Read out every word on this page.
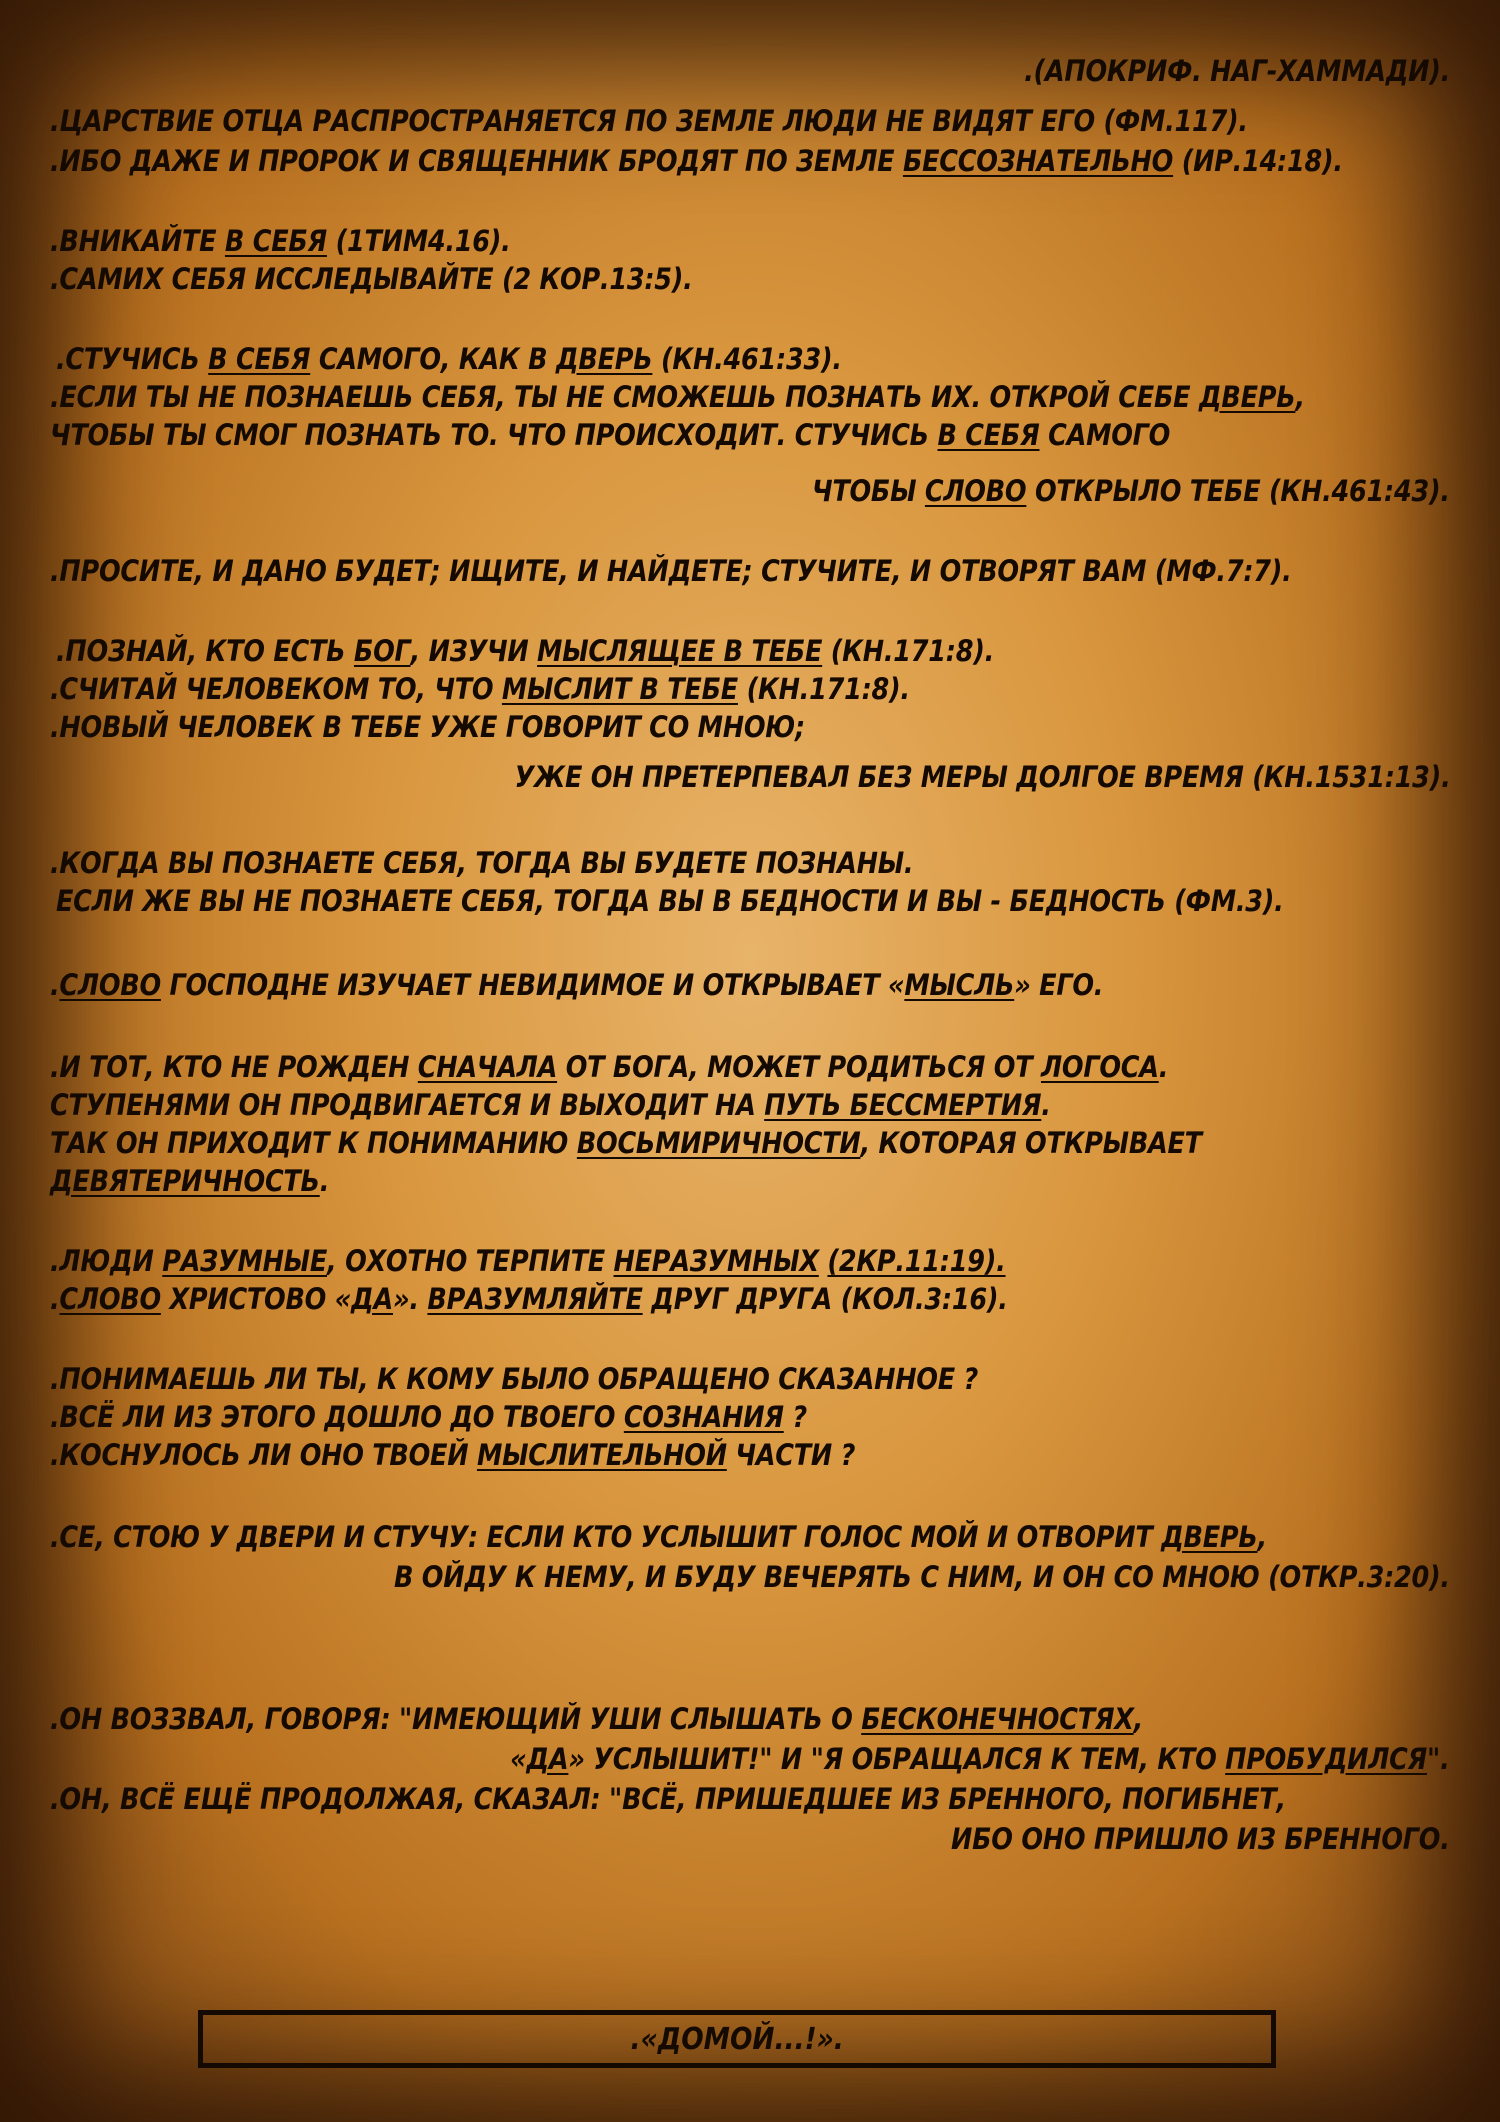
.(АПОКРИФ. НАГ-ХАММАДИ).

.ЦАРСТВИЕ ОТЦА РАСПРОСТРАНЯЕТСЯ ПО ЗЕМЛЕ ЛЮДИ НЕ ВИДЯТ ЕГО (ФМ.117).

.ИБО ДАЖЕ И ПРОРОК И СВЯЩЕННИК БРОДЯТ ПО ЗЕМЛЕ БЕССОЗНАТЕЛЬНО (ИР.14:18).

.ВНИКАЙТЕ В СЕБЯ (1ТИМ4.16).

.САМИХ СЕБЯ ИССЛЕДЫВАЙТЕ (2 КОР.13:5).

.СТУЧИСЬ В СЕБЯ САМОГО, КАК В ДВЕРЬ (КН.461:33).

.ЕСЛИ ТЫ НЕ ПОЗНАЕШЬ СЕБЯ, ТЫ НЕ СМОЖЕШЬ ПОЗНАТЬ ИХ. ОТКРОЙ СЕБЕ ДВЕРЬ,

ЧТОБЫ ТЫ СМОГ ПОЗНАТЬ ТО. ЧТО ПРОИСХОДИТ. СТУЧИСЬ В СЕБЯ САМОГО

ЧТОБЫ СЛОВО ОТКРЫЛО ТЕБЕ (КН.461:43).

.ПРОСИТЕ, И ДАНО БУДЕТ; ИЩИТЕ, И НАЙДЕТЕ; СТУЧИТЕ, И ОТВОРЯТ ВАМ (МФ.7:7).

.ПОЗНАЙ, КТО ЕСТЬ БОГ, ИЗУЧИ МЫСЛЯЩЕЕ В ТЕБЕ (КН.171:8).

.СЧИТАЙ ЧЕЛОВЕКОМ ТО, ЧТО МЫСЛИТ В ТЕБЕ (КН.171:8).

.НОВЫЙ ЧЕЛОВЕК В ТЕБЕ УЖЕ ГОВОРИТ СО МНОЮ;

УЖЕ ОН ПРЕТЕРПЕВАЛ БЕЗ МЕРЫ ДОЛГОЕ ВРЕМЯ (КН.1531:13).

.КОГДА ВЫ ПОЗНАЕТЕ СЕБЯ, ТОГДА ВЫ БУДЕТЕ ПОЗНАНЫ.

ЕСЛИ ЖЕ ВЫ НЕ ПОЗНАЕТЕ СЕБЯ, ТОГДА ВЫ В БЕДНОСТИ И ВЫ - БЕДНОСТЬ (ФМ.3).

.СЛОВО ГОСПОДНЕ ИЗУЧАЕТ НЕВИДИМОЕ И ОТКРЫВАЕТ «МЫСЛЬ» ЕГО.

.И ТОТ, КТО НЕ РОЖДЕН СНАЧАЛА ОТ БОГА, МОЖЕТ РОДИТЬСЯ ОТ ЛОГОСА.

СТУПЕНЯМИ ОН ПРОДВИГАЕТСЯ И ВЫХОДИТ НА ПУТЬ БЕССМЕРТИЯ.

ТАК ОН ПРИХОДИТ К ПОНИМАНИЮ ВОСЬМИРИЧНОСТИ, КОТОРАЯ ОТКРЫВАЕТ

ДЕВЯТЕРИЧНОСТЬ.

.ЛЮДИ РАЗУМНЫЕ, ОХОТНО ТЕРПИТЕ НЕРАЗУМНЫХ (2КР.11:19).

.СЛОВО ХРИСТОВО «ДА». ВРАЗУМЛЯЙТЕ ДРУГ ДРУГА (КОЛ.3:16).

.ПОНИМАЕШЬ ЛИ ТЫ, К КОМУ БЫЛО ОБРАЩЕНО СКАЗАННОЕ ?

.ВСЁ ЛИ ИЗ ЭТОГО ДОШЛО ДО ТВОЕГО СОЗНАНИЯ ?

.КОСНУЛОСЬ ЛИ ОНО ТВОЕЙ МЫСЛИТЕЛЬНОЙ ЧАСТИ ?

.СЕ, СТОЮ У ДВЕРИ И СТУЧУ: ЕСЛИ КТО УСЛЫШИТ ГОЛОС МОЙ И ОТВОРИТ ДВЕРЬ,

В ОЙДУ К НЕМУ, И БУДУ ВЕЧЕРЯТЬ С НИМ, И ОН СО МНОЮ (ОТКР.3:20).

.ОН ВОЗЗВАЛ, ГОВОРЯ: "ИМЕЮЩИЙ УШИ СЛЫШАТЬ О БЕСКОНЕЧНОСТЯХ,

«ДА» УСЛЫШИТ!" И "Я ОБРАЩАЛСЯ К ТЕМ, КТО ПРОБУДИЛСЯ".

.ОН, ВСЁ ЕЩЁ ПРОДОЛЖАЯ, СКАЗАЛ: "ВСЁ, ПРИШЕДШЕЕ ИЗ БРЕННОГО, ПОГИБНЕТ,

ИБО ОНО ПРИШЛО ИЗ БРЕННОГО.

.«ДОМОЙ...!».
